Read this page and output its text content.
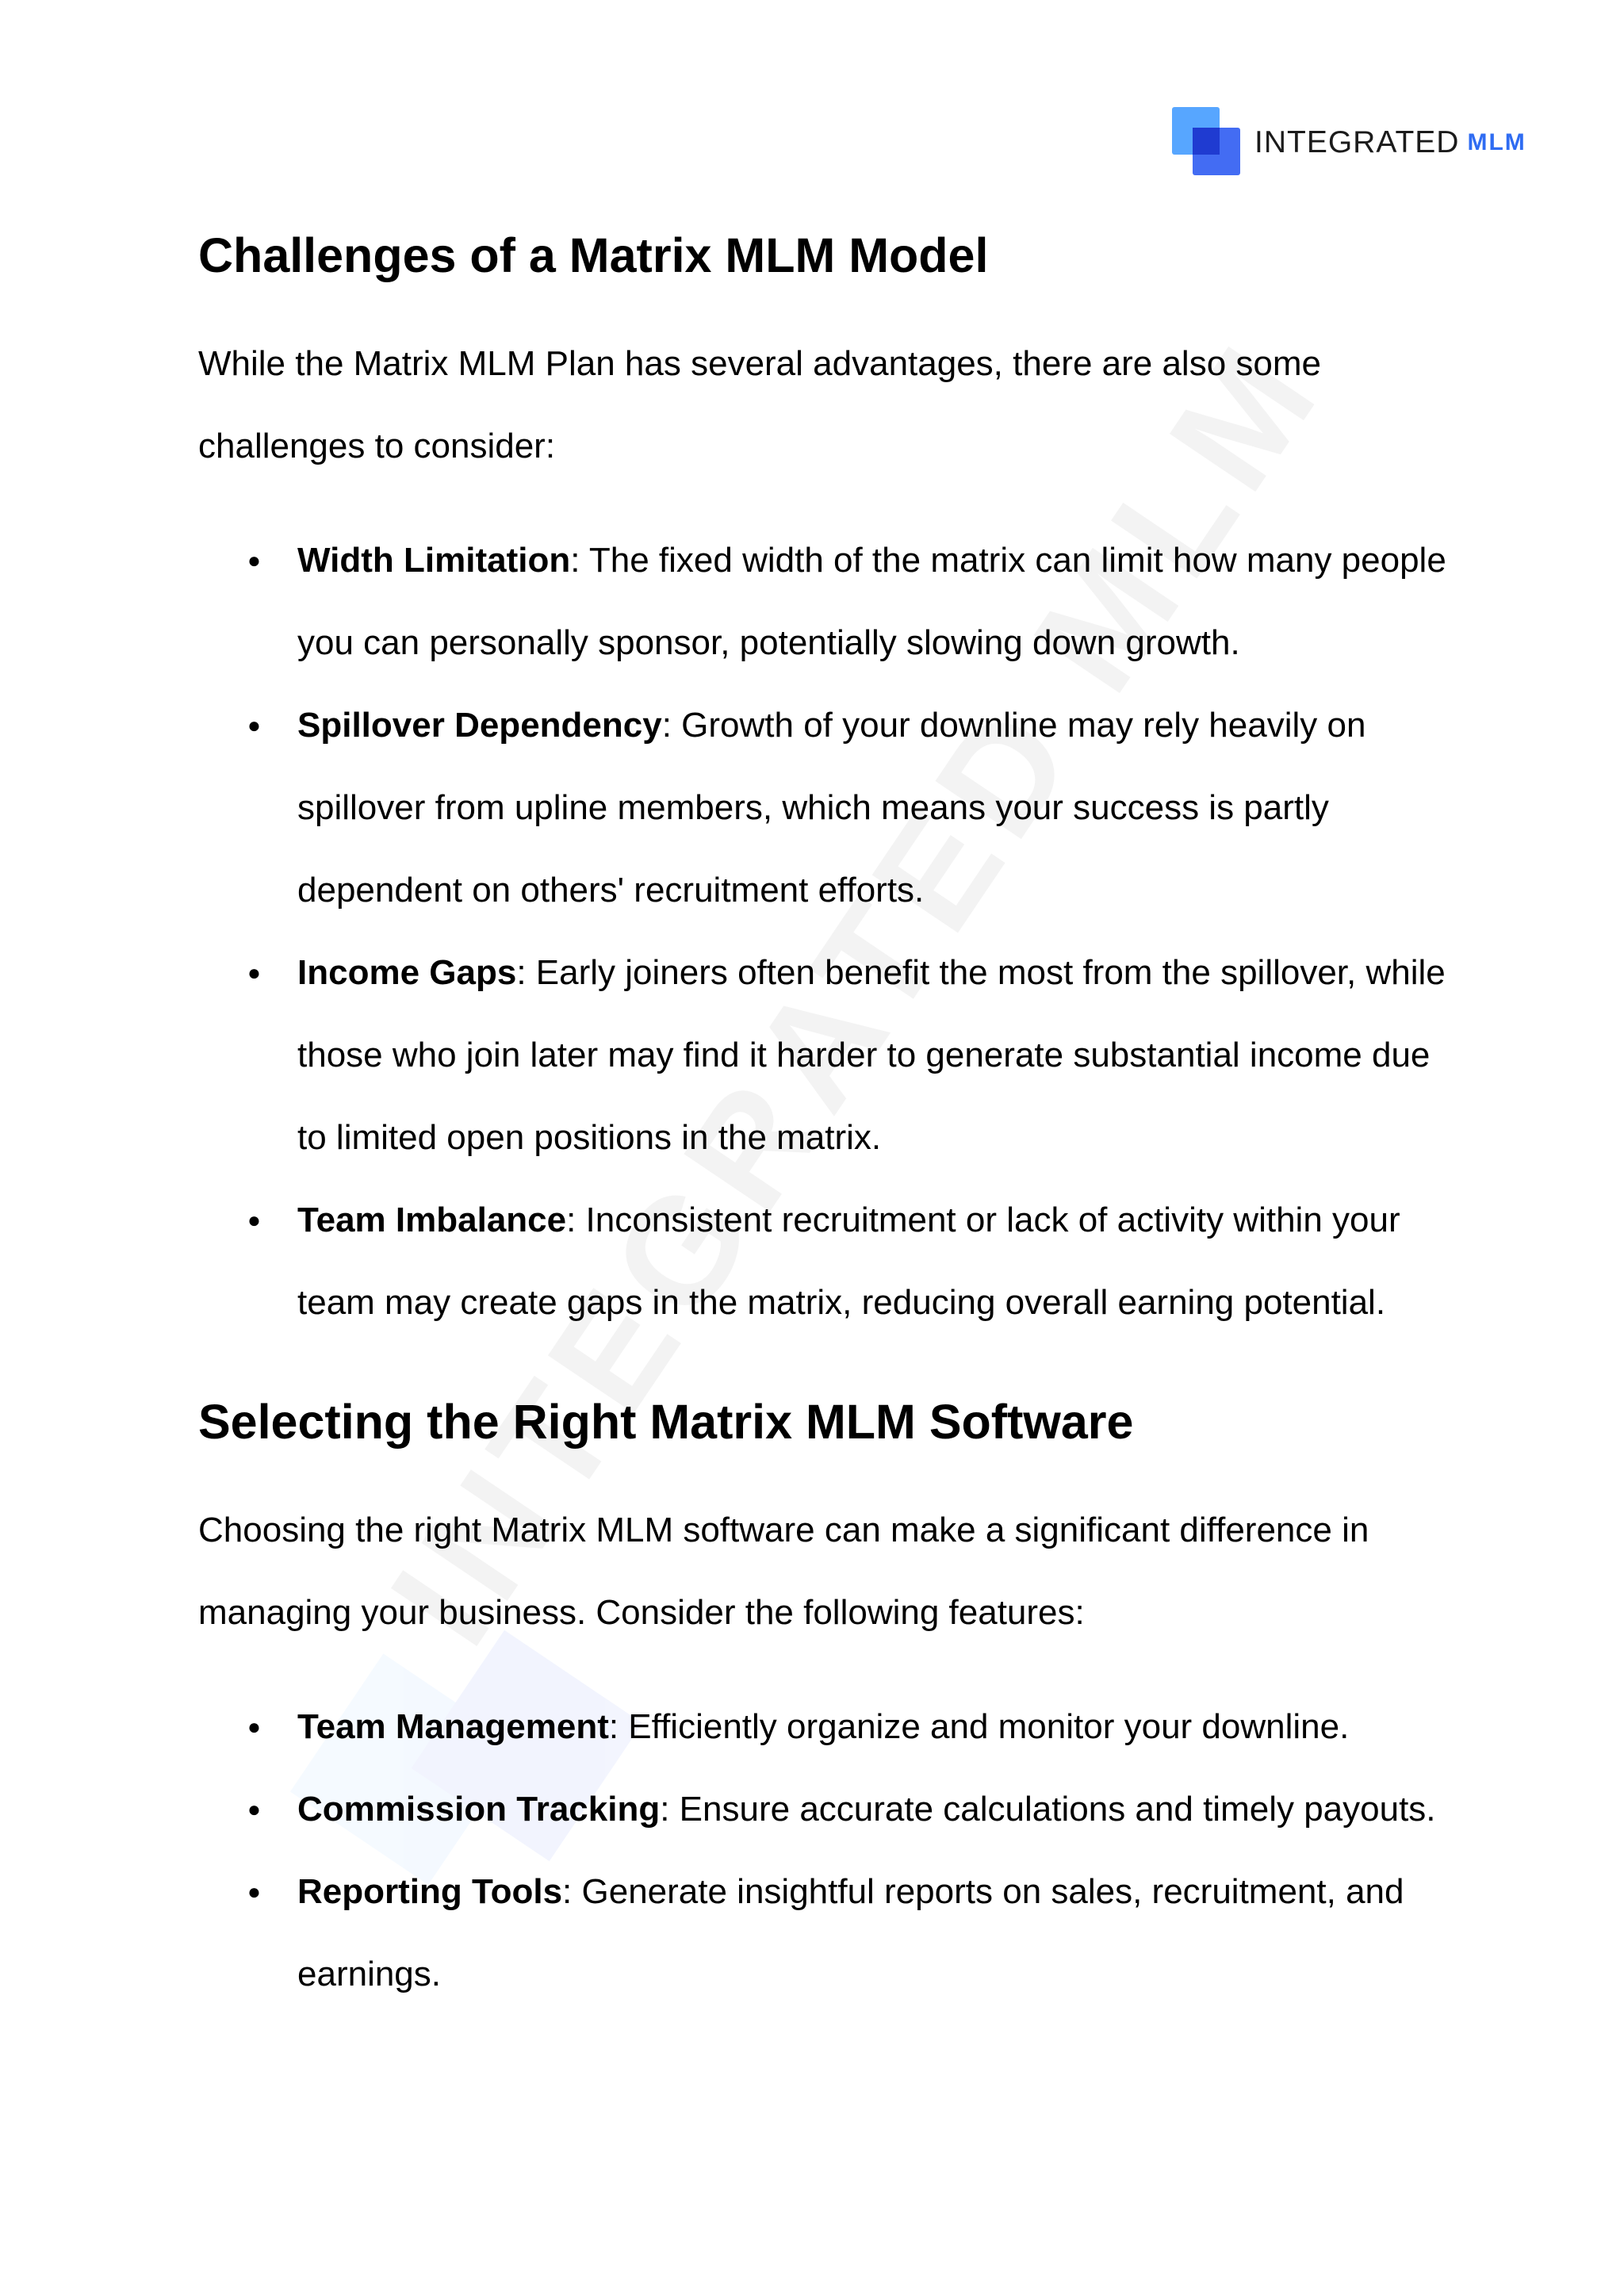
INTEGRATED MLM
Challenges of a Matrix MLM Model

While the Matrix MLM Plan has several advantages, there are also some challenges to consider:

● Width Limitation: The fixed width of the matrix can limit how many people you can personally sponsor, potentially slowing down growth.
● Spillover Dependency: Growth of your downline may rely heavily on spillover from upline members, which means your success is partly dependent on others' recruitment efforts.
● Income Gaps: Early joiners often benefit the most from the spillover, while those who join later may find it harder to generate substantial income due to limited open positions in the matrix.
● Team Imbalance: Inconsistent recruitment or lack of activity within your team may create gaps in the matrix, reducing overall earning potential.
Selecting the Right Matrix MLM Software

Choosing the right Matrix MLM software can make a significant difference in managing your business. Consider the following features:

● Team Management: Efficiently organize and monitor your downline.
● Commission Tracking: Ensure accurate calculations and timely payouts.
● Reporting Tools: Generate insightful reports on sales, recruitment, and earnings.
